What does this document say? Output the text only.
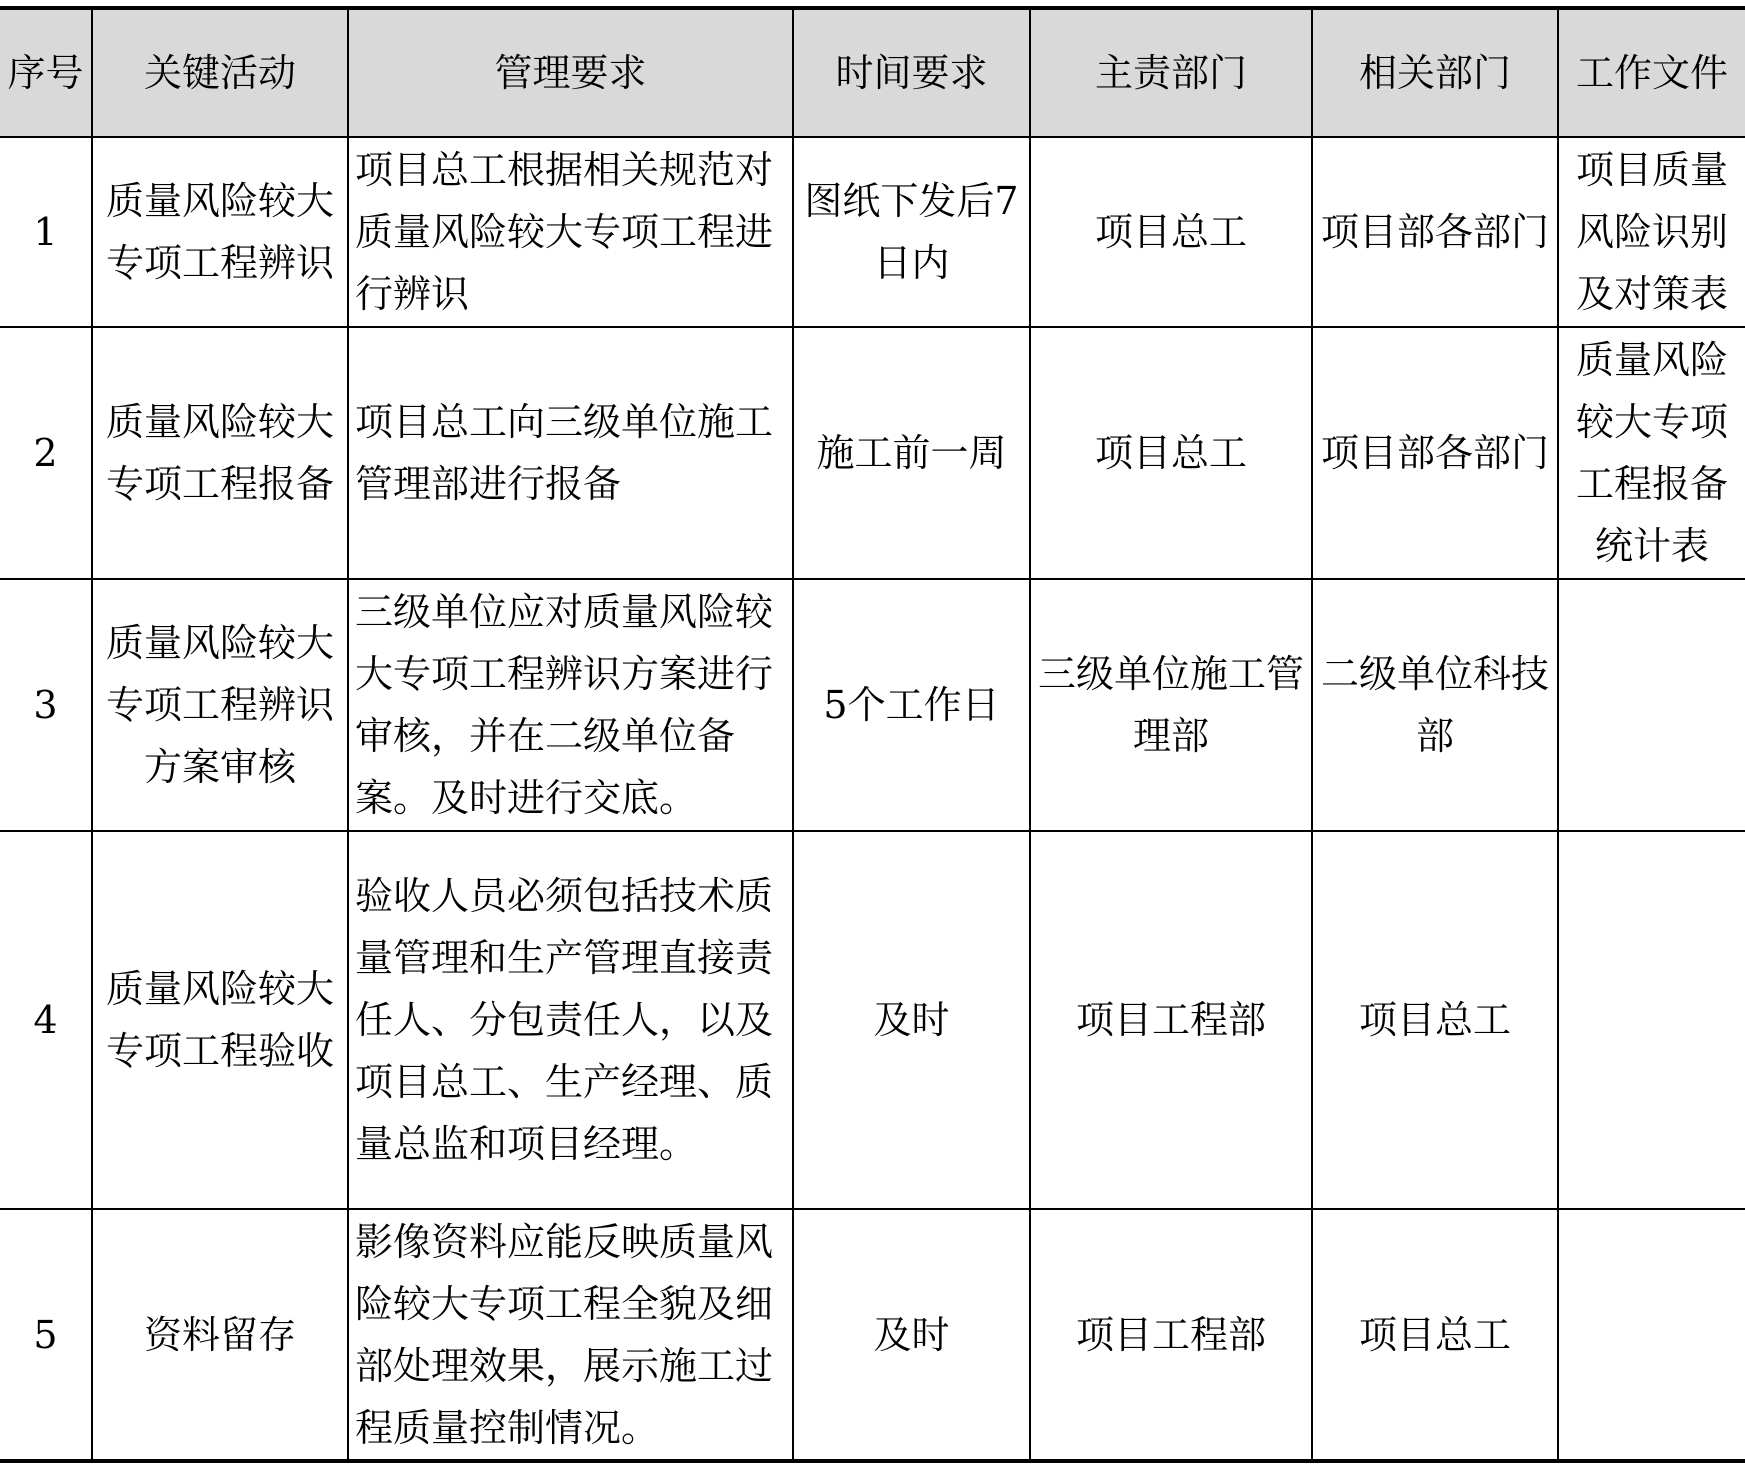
序号	关键活动	管理要求	时间要求	主责部门	相关部门	工作文件
1	质量风险较大专项工程辨识	项目总工根据相关规范对质量风险较大专项工程进行辨识	图纸下发后7日内	项目总工	项目部各部门	项目质量风险识别及对策表
2	质量风险较大专项工程报备	项目总工向三级单位施工管理部进行报备	施工前一周	项目总工	项目部各部门	质量风险较大专项工程报备统计表
3	质量风险较大专项工程辨识方案审核	三级单位应对质量风险较大专项工程辨识方案进行审核，并在二级单位备案。及时进行交底。	5个工作日	三级单位施工管理部	二级单位科技部	
4	质量风险较大专项工程验收	验收人员必须包括技术质量管理和生产管理直接责任人、分包责任人，以及项目总工、生产经理、质量总监和项目经理。	及时	项目工程部	项目总工	
5	资料留存	影像资料应能反映质量风险较大专项工程全貌及细部处理效果，展示施工过程质量控制情况。	及时	项目工程部	项目总工	
